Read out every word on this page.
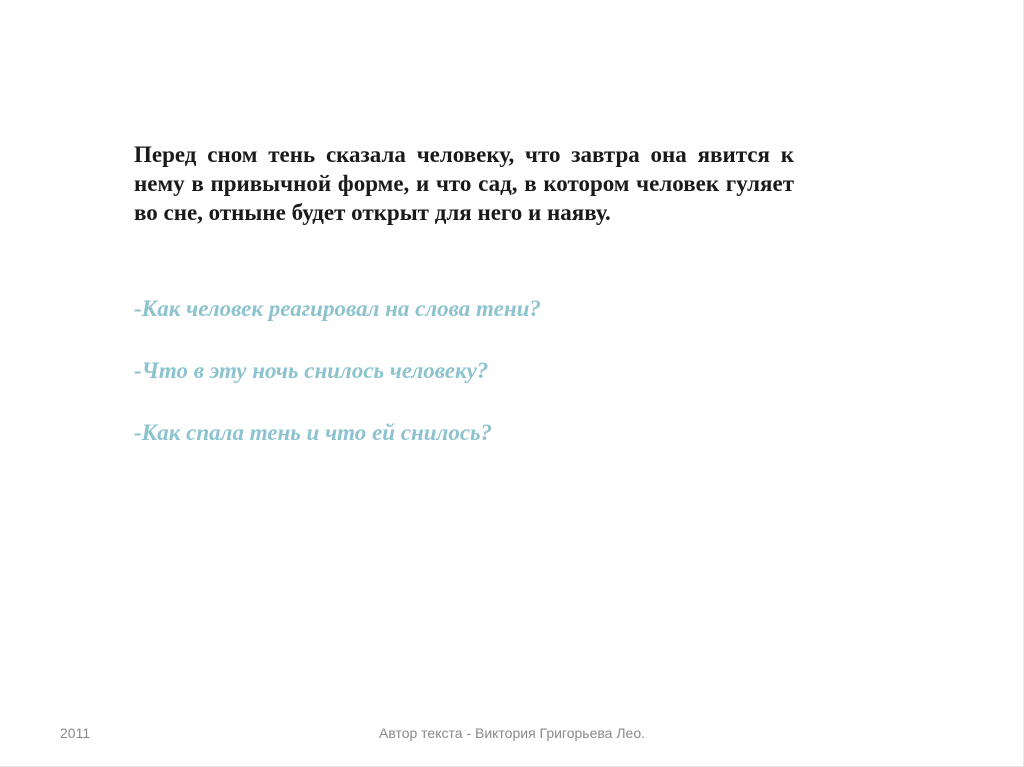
Перед сном тень сказала человеку, что завтра она явится к нему в привычной форме, и что сад, в котором человек гуляет во сне, отныне будет открыт для него и наяву.

-Как человек реагировал на слова тени?

-Что в эту ночь снилось человеку?

-Как спала тень и что ей снилось?

2011	Автор текста - Виктория Григорьева Лео.
